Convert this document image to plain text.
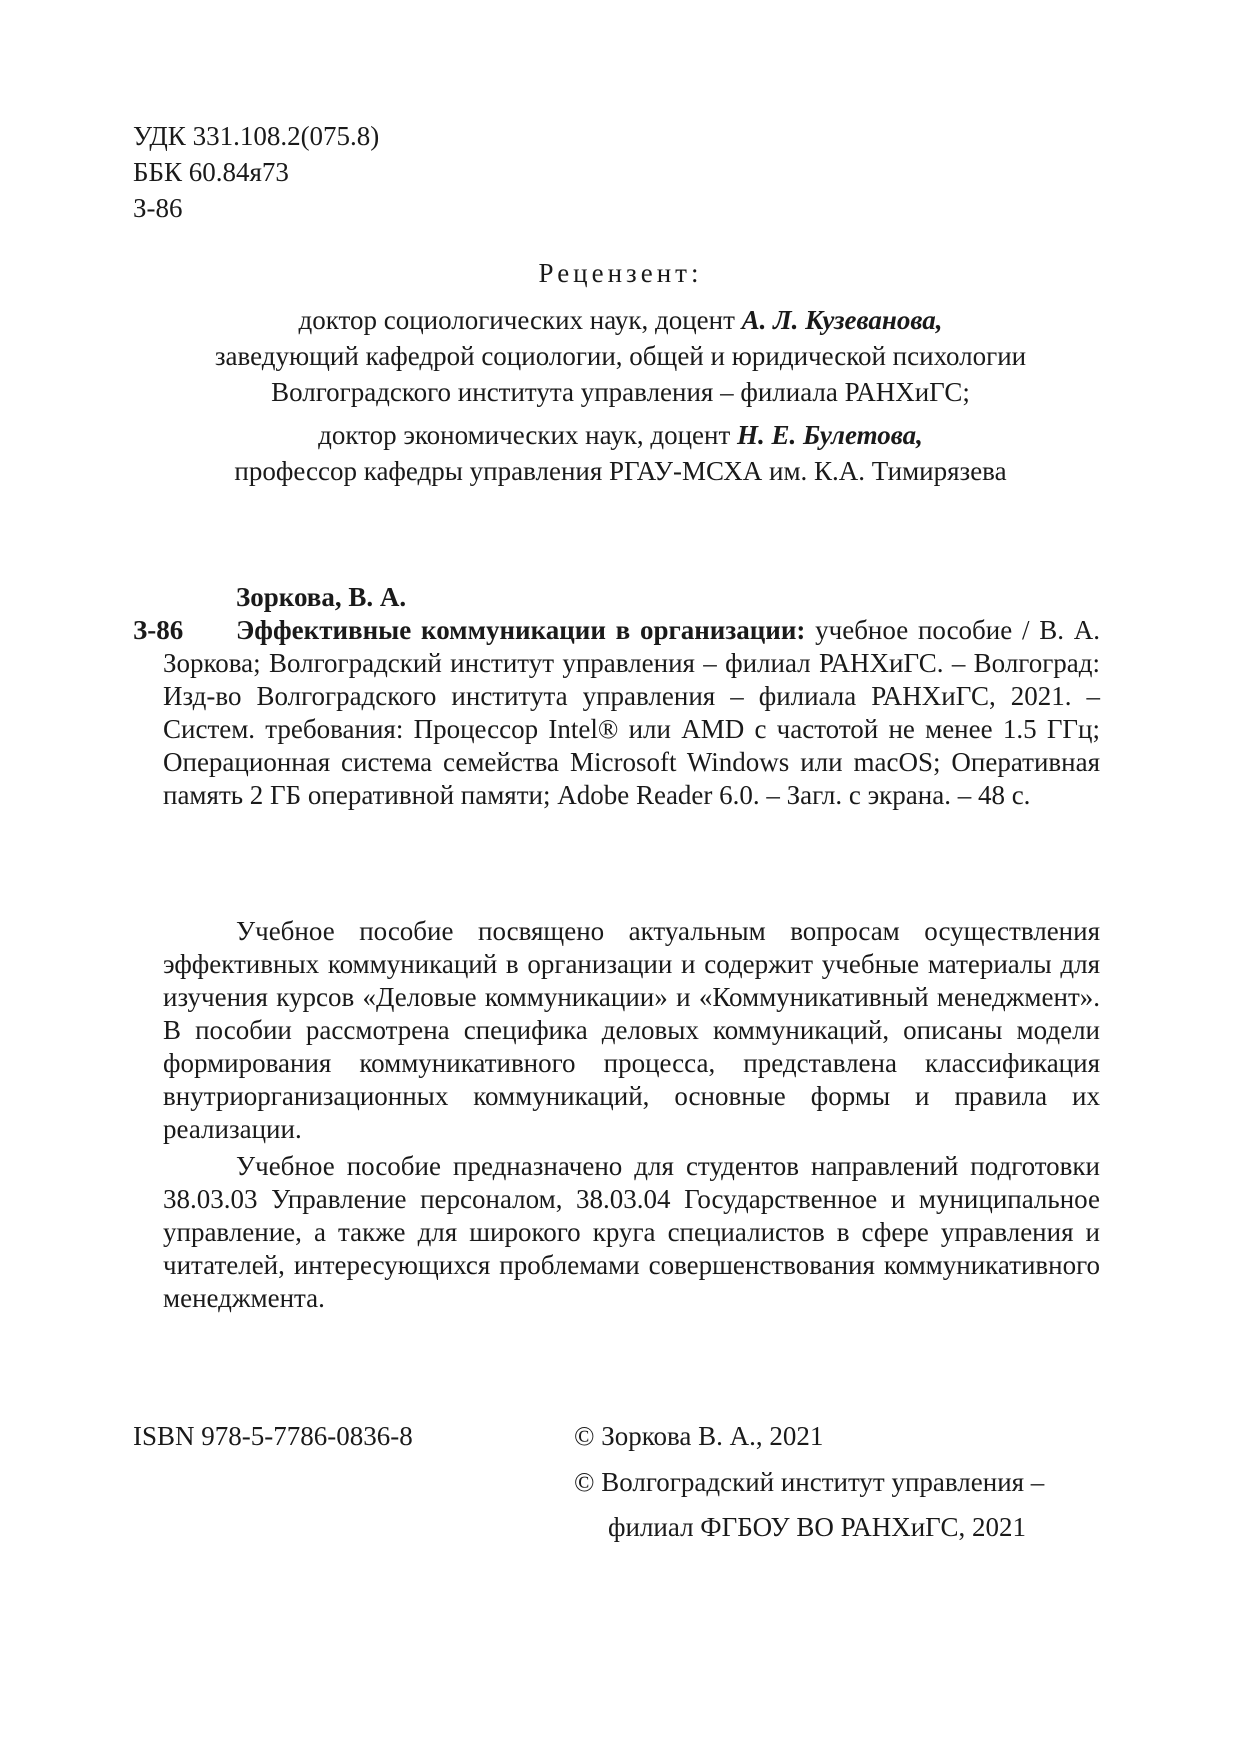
УДК 331.108.2(075.8)
ББК 60.84я73
З-86
Рецензент:
доктор социологических наук, доцент А. Л. Кузеванова,
заведующий кафедрой социологии, общей и юридической психологии
Волгоградского института управления – филиала РАНХиГС;
доктор экономических наук, доцент Н. Е. Булетова,
профессор кафедры управления РГАУ-МСХА им. К.А. Тимирязева
Зоркова, В. А.
З-86	Эффективные коммуникации в организации: учебное пособие / В. А. Зоркова; Волгоградский институт управления – филиал РАНХиГС. – Волгоград: Изд-во Волгоградского института управления – филиала РАНХиГС, 2021. – Систем. требования: Процессор Intel® или AMD с частотой не менее 1.5 ГГц; Операционная система семейства Microsoft Windows или macOS; Оперативная память 2 ГБ оперативной памяти; Adobe Reader 6.0. – Загл. с экрана. – 48 с.
Учебное пособие посвящено актуальным вопросам осуществления эффективных коммуникаций в организации и содержит учебные материалы для изучения курсов «Деловые коммуникации» и «Коммуникативный менеджмент». В пособии рассмотрена специфика деловых коммуникаций, описаны модели формирования коммуникативного процесса, представлена классификация внутриорганизационных коммуникаций, основные формы и правила их реализации.
Учебное пособие предназначено для студентов направлений подготовки 38.03.03 Управление персоналом, 38.03.04 Государственное и муниципальное управление, а также для широкого круга специалистов в сфере управления и читателей, интересующихся проблемами совершенствования коммуникативного менеджмента.
ISBN 978-5-7786-0836-8	© Зоркова В. А., 2021
© Волгоградский институт управления –
филиал ФГБОУ ВО РАНХиГС, 2021
